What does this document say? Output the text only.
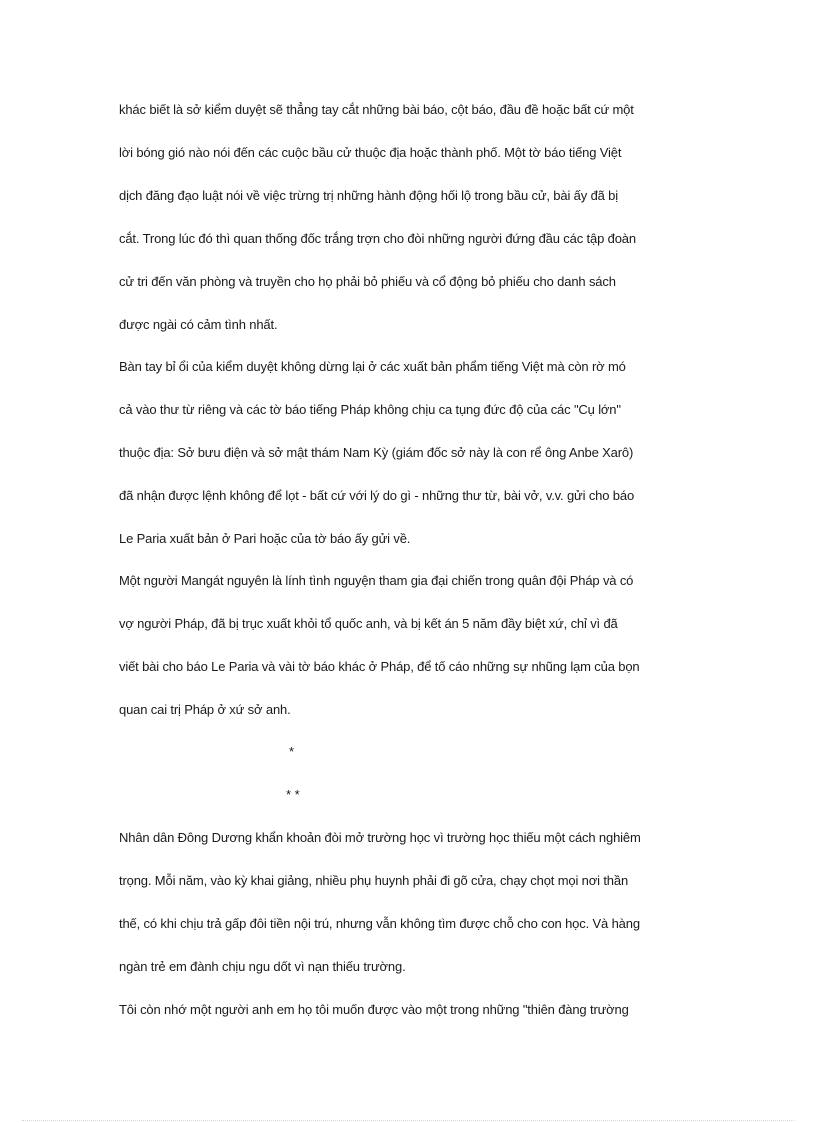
khác biết là sở kiểm duyệt sẽ thẳng tay cắt những bài báo, cột báo, đầu đề hoặc bất cứ một
lời bóng gió nào nói đến các cuộc bầu cử thuộc địa hoặc thành phố. Một tờ báo tiếng Việt
dịch đăng đạo luật nói về việc trừng trị những hành động hối lộ trong bầu cử, bài ấy đã bị
cắt. Trong lúc đó thì quan thống đốc trắng trợn cho đòi những người đứng đầu các tập đoàn
cử tri đến văn phòng và truyền cho họ phải bỏ phiếu và cổ động bỏ phiếu cho danh sách
được ngài có cảm tình nhất.
Bàn tay bỉ ổi của kiểm duyệt không dừng lại ở các xuất bản phẩm tiếng Việt mà còn rờ mó
cả vào thư từ riêng và các tờ báo tiếng Pháp không chịu ca tụng đức độ của các "Cụ lớn"
thuộc địa: Sở bưu điện và sở mật thám Nam Kỳ (giám đốc sở này là con rể ông Anbe Xarô)
đã nhận được lệnh không để lọt - bất cứ với lý do gì - những thư từ, bài vở, v.v. gửi cho báo
Le Paria xuất bản ở Pari hoặc của tờ báo ấy gửi về.
Một người Mangát nguyên là lính tình nguyện tham gia đại chiến trong quân đội Pháp và có
vợ người Pháp, đã bị trục xuất khỏi tổ quốc anh, và bị kết án 5 năm đầy biệt xứ, chỉ vì đã
viết bài cho báo Le Paria và vài tờ báo khác ở Pháp, để tố cáo những sự nhũng lạm của bọn
quan cai trị Pháp ở xứ sở anh.
*
* *
Nhân dân Đông Dương khẩn khoản đòi mở trường học vì trường học thiếu một cách nghiêm
trọng. Mỗi năm, vào kỳ khai giảng, nhiều phụ huynh phải đi gõ cửa, chạy chọt mọi nơi thần
thế, có khi chịu trả gấp đôi tiền nội trú, nhưng vẫn không tìm được chỗ cho con học. Và hàng
ngàn trẻ em đành chịu ngu dốt vì nạn thiếu trường.
Tôi còn nhớ một người anh em họ tôi muốn được vào một trong những "thiên đàng trường
